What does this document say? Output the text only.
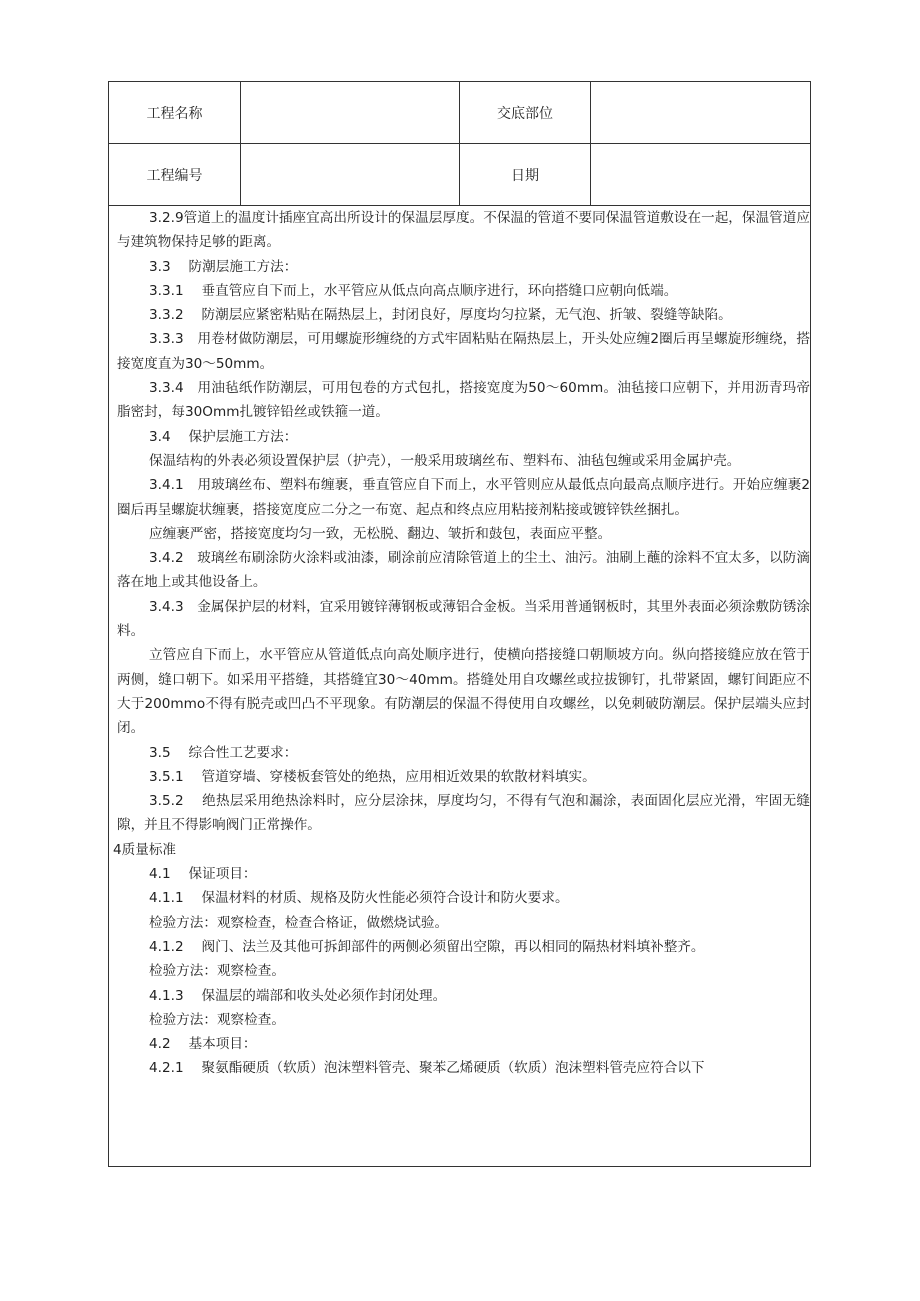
工程名称	交底部位
工程编号	日期

3.2.9管道上的温度计插座宜高出所设计的保温层厚度。不保温的管道不要同保温管道敷设在一起，保温管道应与建筑物保持足够的距离。

3.3　 防潮层施工方法：

3.3.1　 垂直管应自下而上，水平管应从低点向高点顺序进行，环向搭缝口应朝向低端。

3.3.2　 防潮层应紧密粘贴在隔热层上，封闭良好，厚度均匀拉紧，无气泡、折皱、裂缝等缺陷。

3.3.3　用卷材做防潮层，可用螺旋形缠绕的方式牢固粘贴在隔热层上，开头处应缠2圈后再呈螺旋形缠绕，搭接宽度直为30～50mm。

3.3.4　用油毡纸作防潮层，可用包卷的方式包扎，搭接宽度为50～60mm。油毡接口应朝下，并用沥青玛帝脂密封，每30Omm扎镀锌铅丝或铁箍一道。

3.4　 保护层施工方法：

保温结构的外表必须设置保护层（护壳），一般采用玻璃丝布、塑料布、油毡包缠或采用金属护壳。

3.4.1　用玻璃丝布、塑料布缠裹，垂直管应自下而上，水平管则应从最低点向最高点顺序进行。开始应缠裹2圈后再呈螺旋状缠裹，搭接宽度应二分之一布宽、起点和终点应用粘接剂粘接或镀锌铁丝捆扎。

应缠裹严密，搭接宽度均匀一致，无松脱、翻边、皱折和鼓包，表面应平整。

3.4.2　玻璃丝布刷涂防火涂料或油漆，刷涂前应清除管道上的尘土、油污。油刷上蘸的涂料不宜太多，以防滴落在地上或其他设备上。

3.4.3　金属保护层的材料，宜采用镀锌薄钢板或薄铝合金板。当采用普通钢板时，其里外表面必须涂敷防锈涂料。

立管应自下而上，水平管应从管道低点向高处顺序进行，使横向搭接缝口朝顺坡方向。纵向搭接缝应放在管于两侧，缝口朝下。如采用平搭缝，其搭缝宜30～40mm。搭缝处用自攻螺丝或拉拔铆钉，扎带紧固，螺钉间距应不大于200mmo不得有脱壳或凹凸不平现象。有防潮层的保温不得使用自攻螺丝，以免刺破防潮层。保护层端头应封闭。

3.5　 综合性工艺要求：

3.5.1　 管道穿墙、穿楼板套管处的绝热，应用相近效果的软散材料填实。

3.5.2　 绝热层采用绝热涂料时，应分层涂抹，厚度均匀，不得有气泡和漏涂，表面固化层应光滑，牢固无缝隙，并且不得影响阀门正常操作。

4质量标准

4.1　 保证项目：

4.1.1　 保温材料的材质、规格及防火性能必须符合设计和防火要求。

检验方法：观察检查，检查合格证，做燃烧试验。

4.1.2　 阀门、法兰及其他可拆卸部件的两侧必须留出空隙，再以相同的隔热材料填补整齐。

检验方法：观察检查。

4.1.3　 保温层的端部和收头处必须作封闭处理。

检验方法：观察检查。

4.2　 基本项目：

4.2.1　 聚氨酯硬质（软质）泡沫塑料管壳、聚苯乙烯硬质（软质）泡沫塑料管壳应符合以下
